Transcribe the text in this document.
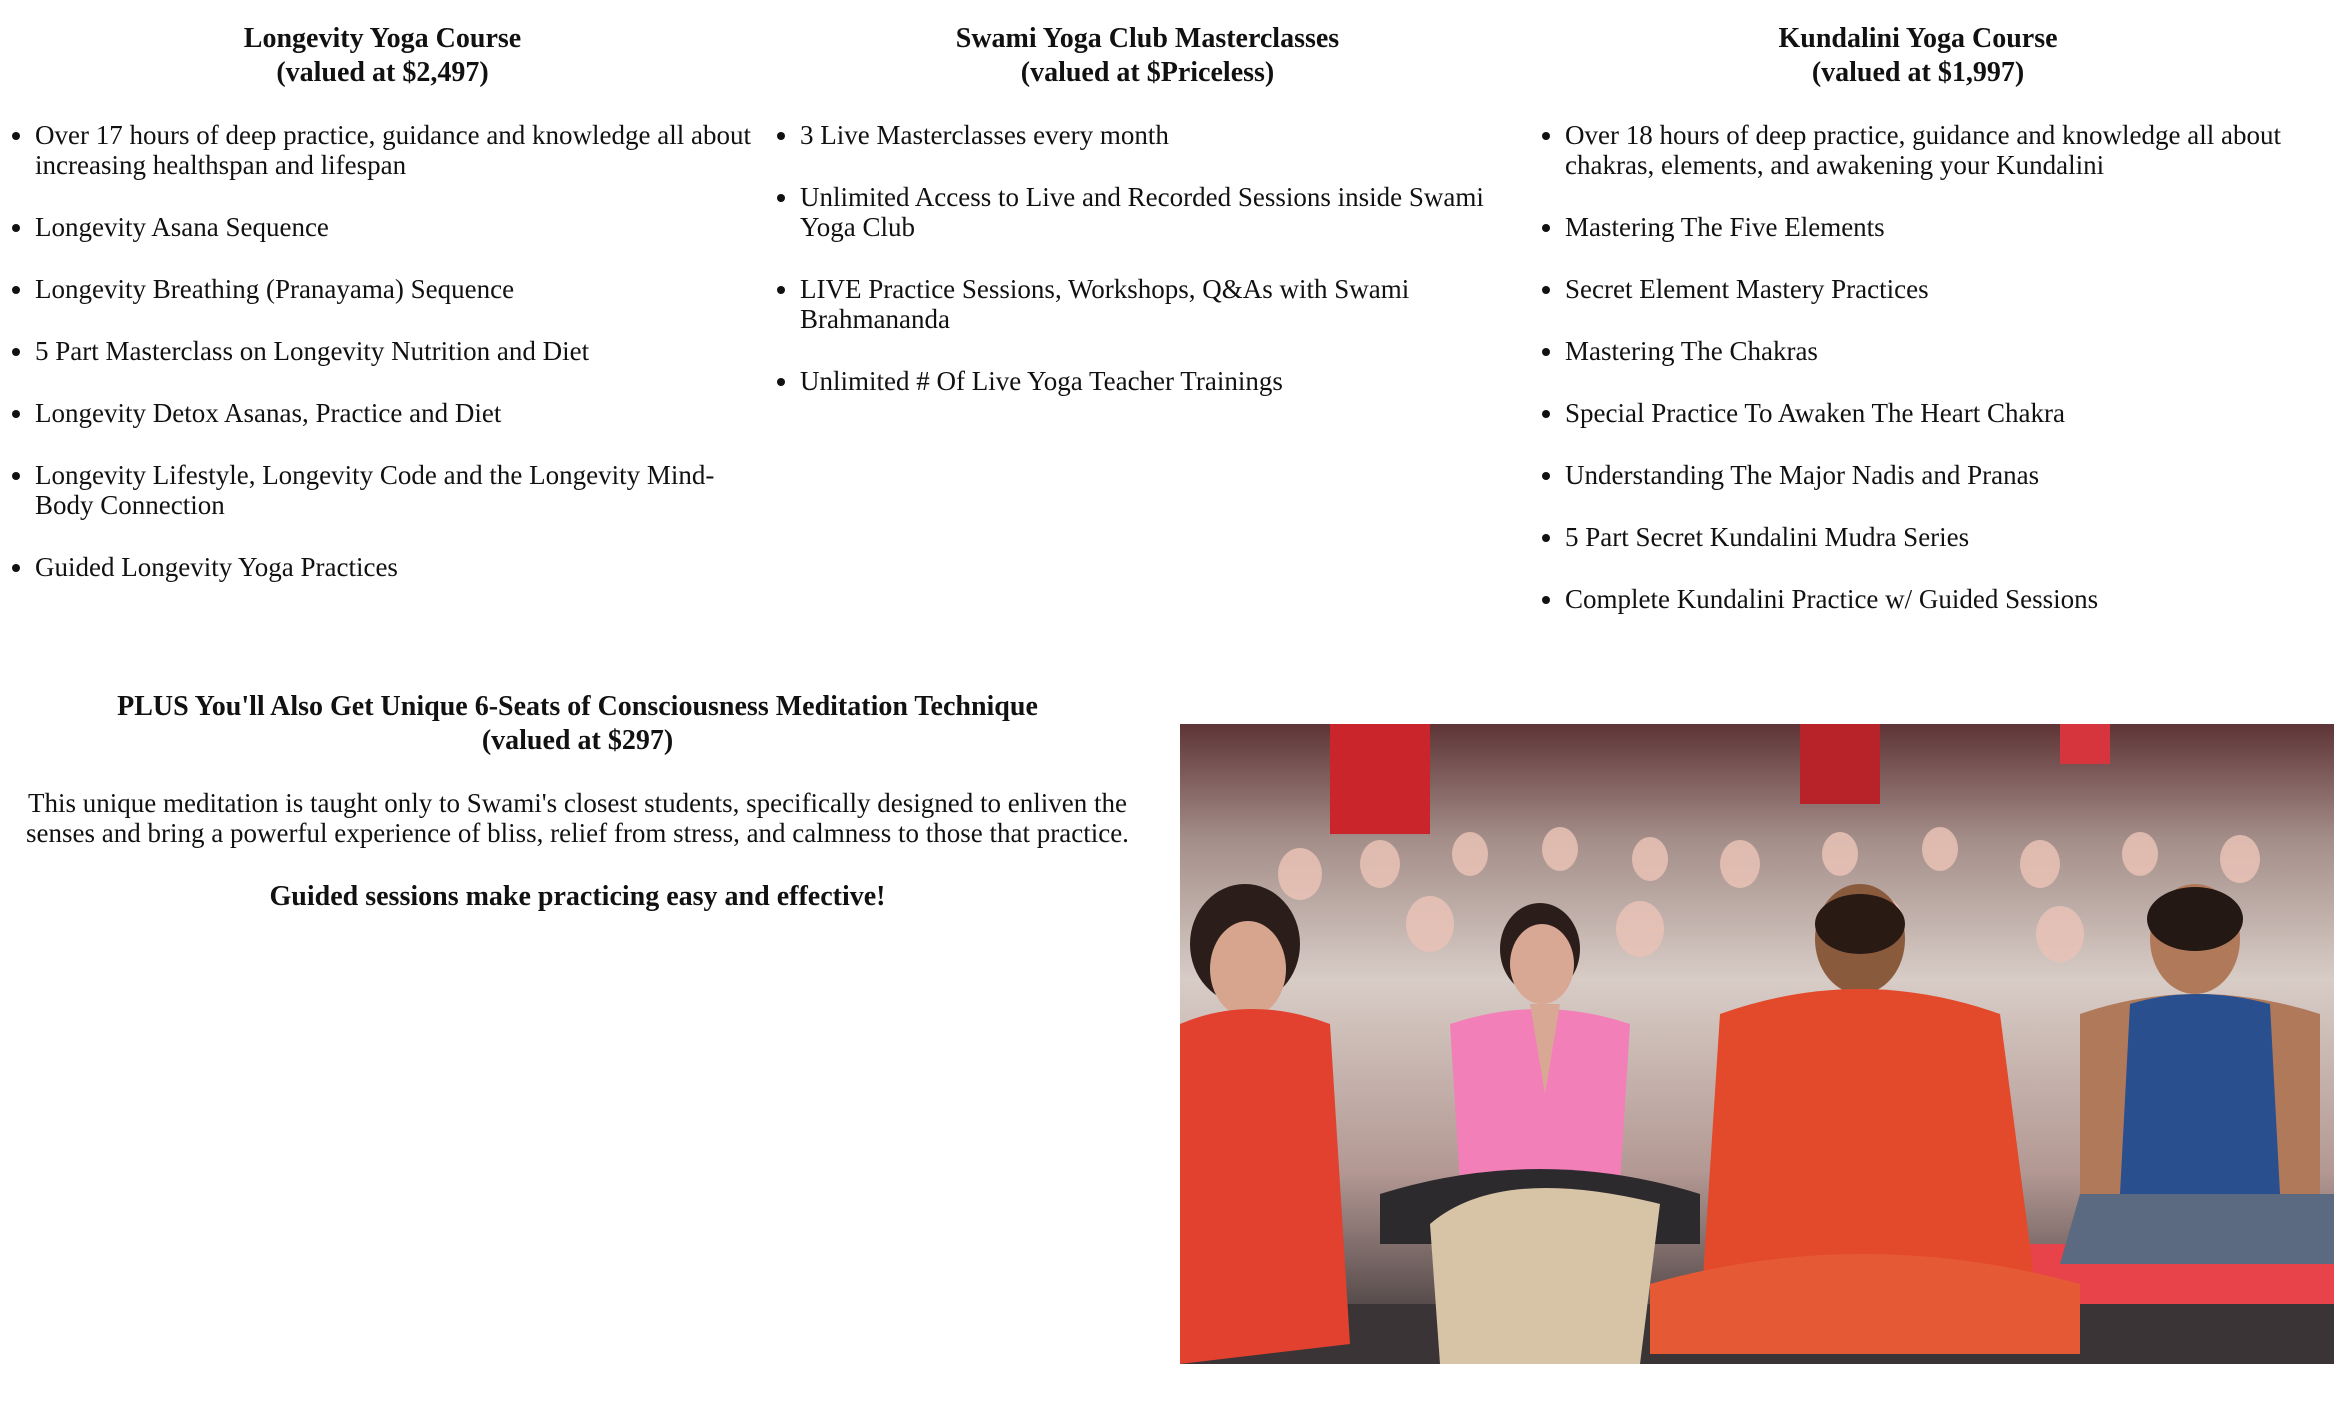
Longevity Yoga Course
(valued at $2,497)
• Over 17 hours of deep practice, guidance and knowledge all about increasing healthspan and lifespan
• Longevity Asana Sequence
• Longevity Breathing (Pranayama) Sequence
• 5 Part Masterclass on Longevity Nutrition and Diet
• Longevity Detox Asanas, Practice and Diet
• Longevity Lifestyle, Longevity Code and the Longevity Mind-Body Connection
• Guided Longevity Yoga Practices
Swami Yoga Club Masterclasses
(valued at $Priceless)
• 3 Live Masterclasses every month
• Unlimited Access to Live and Recorded Sessions inside Swami Yoga Club
• LIVE Practice Sessions, Workshops, Q&As with Swami Brahmananda
• Unlimited # Of Live Yoga Teacher Trainings
Kundalini Yoga Course
(valued at $1,997)
• Over 18 hours of deep practice, guidance and knowledge all about chakras, elements, and awakening your Kundalini
• Mastering The Five Elements
• Secret Element Mastery Practices
• Mastering The Chakras
• Special Practice To Awaken The Heart Chakra
• Understanding The Major Nadis and Pranas
• 5 Part Secret Kundalini Mudra Series
• Complete Kundalini Practice w/ Guided Sessions
PLUS You'll Also Get Unique 6-Seats of Consciousness Meditation Technique
(valued at $297)

This unique meditation is taught only to Swami's closest students, specifically designed to enliven the senses and bring a powerful experience of bliss, relief from stress, and calmness to those that practice.

Guided sessions make practicing easy and effective!
